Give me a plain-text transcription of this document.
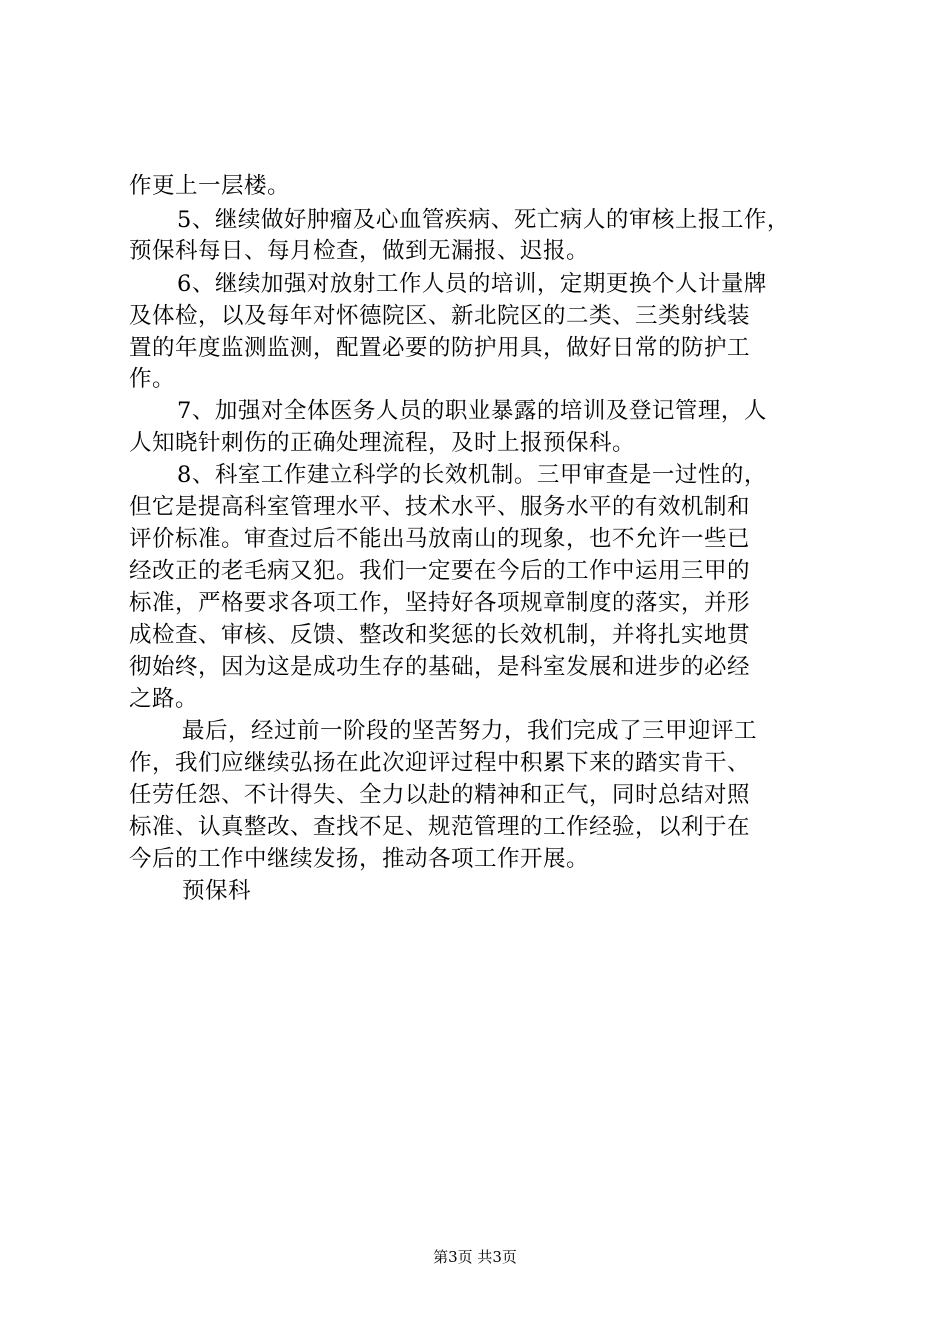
作更上一层楼。
5、继续做好肿瘤及心血管疾病、死亡病人的审核上报工作，
预保科每日、每月检查，做到无漏报、迟报。
6、继续加强对放射工作人员的培训，定期更换个人计量牌
及体检，以及每年对怀德院区、新北院区的二类、三类射线装
置的年度监测监测，配置必要的防护用具，做好日常的防护工
作。
7、加强对全体医务人员的职业暴露的培训及登记管理，人
人知晓针刺伤的正确处理流程，及时上报预保科。
8、科室工作建立科学的长效机制。三甲审查是一过性的，
但它是提高科室管理水平、技术水平、服务水平的有效机制和
评价标准。审查过后不能出马放南山的现象，也不允许一些已
经改正的老毛病又犯。我们一定要在今后的工作中运用三甲的
标准，严格要求各项工作，坚持好各项规章制度的落实，并形
成检查、审核、反馈、整改和奖惩的长效机制，并将扎实地贯
彻始终，因为这是成功生存的基础，是科室发展和进步的必经
之路。
最后，经过前一阶段的坚苦努力，我们完成了三甲迎评工
作，我们应继续弘扬在此次迎评过程中积累下来的踏实肯干、
任劳任怨、不计得失、全力以赴的精神和正气，同时总结对照
标准、认真整改、查找不足、规范管理的工作经验，以利于在
今后的工作中继续发扬，推动各项工作开展。
预保科
第3页 共3页
